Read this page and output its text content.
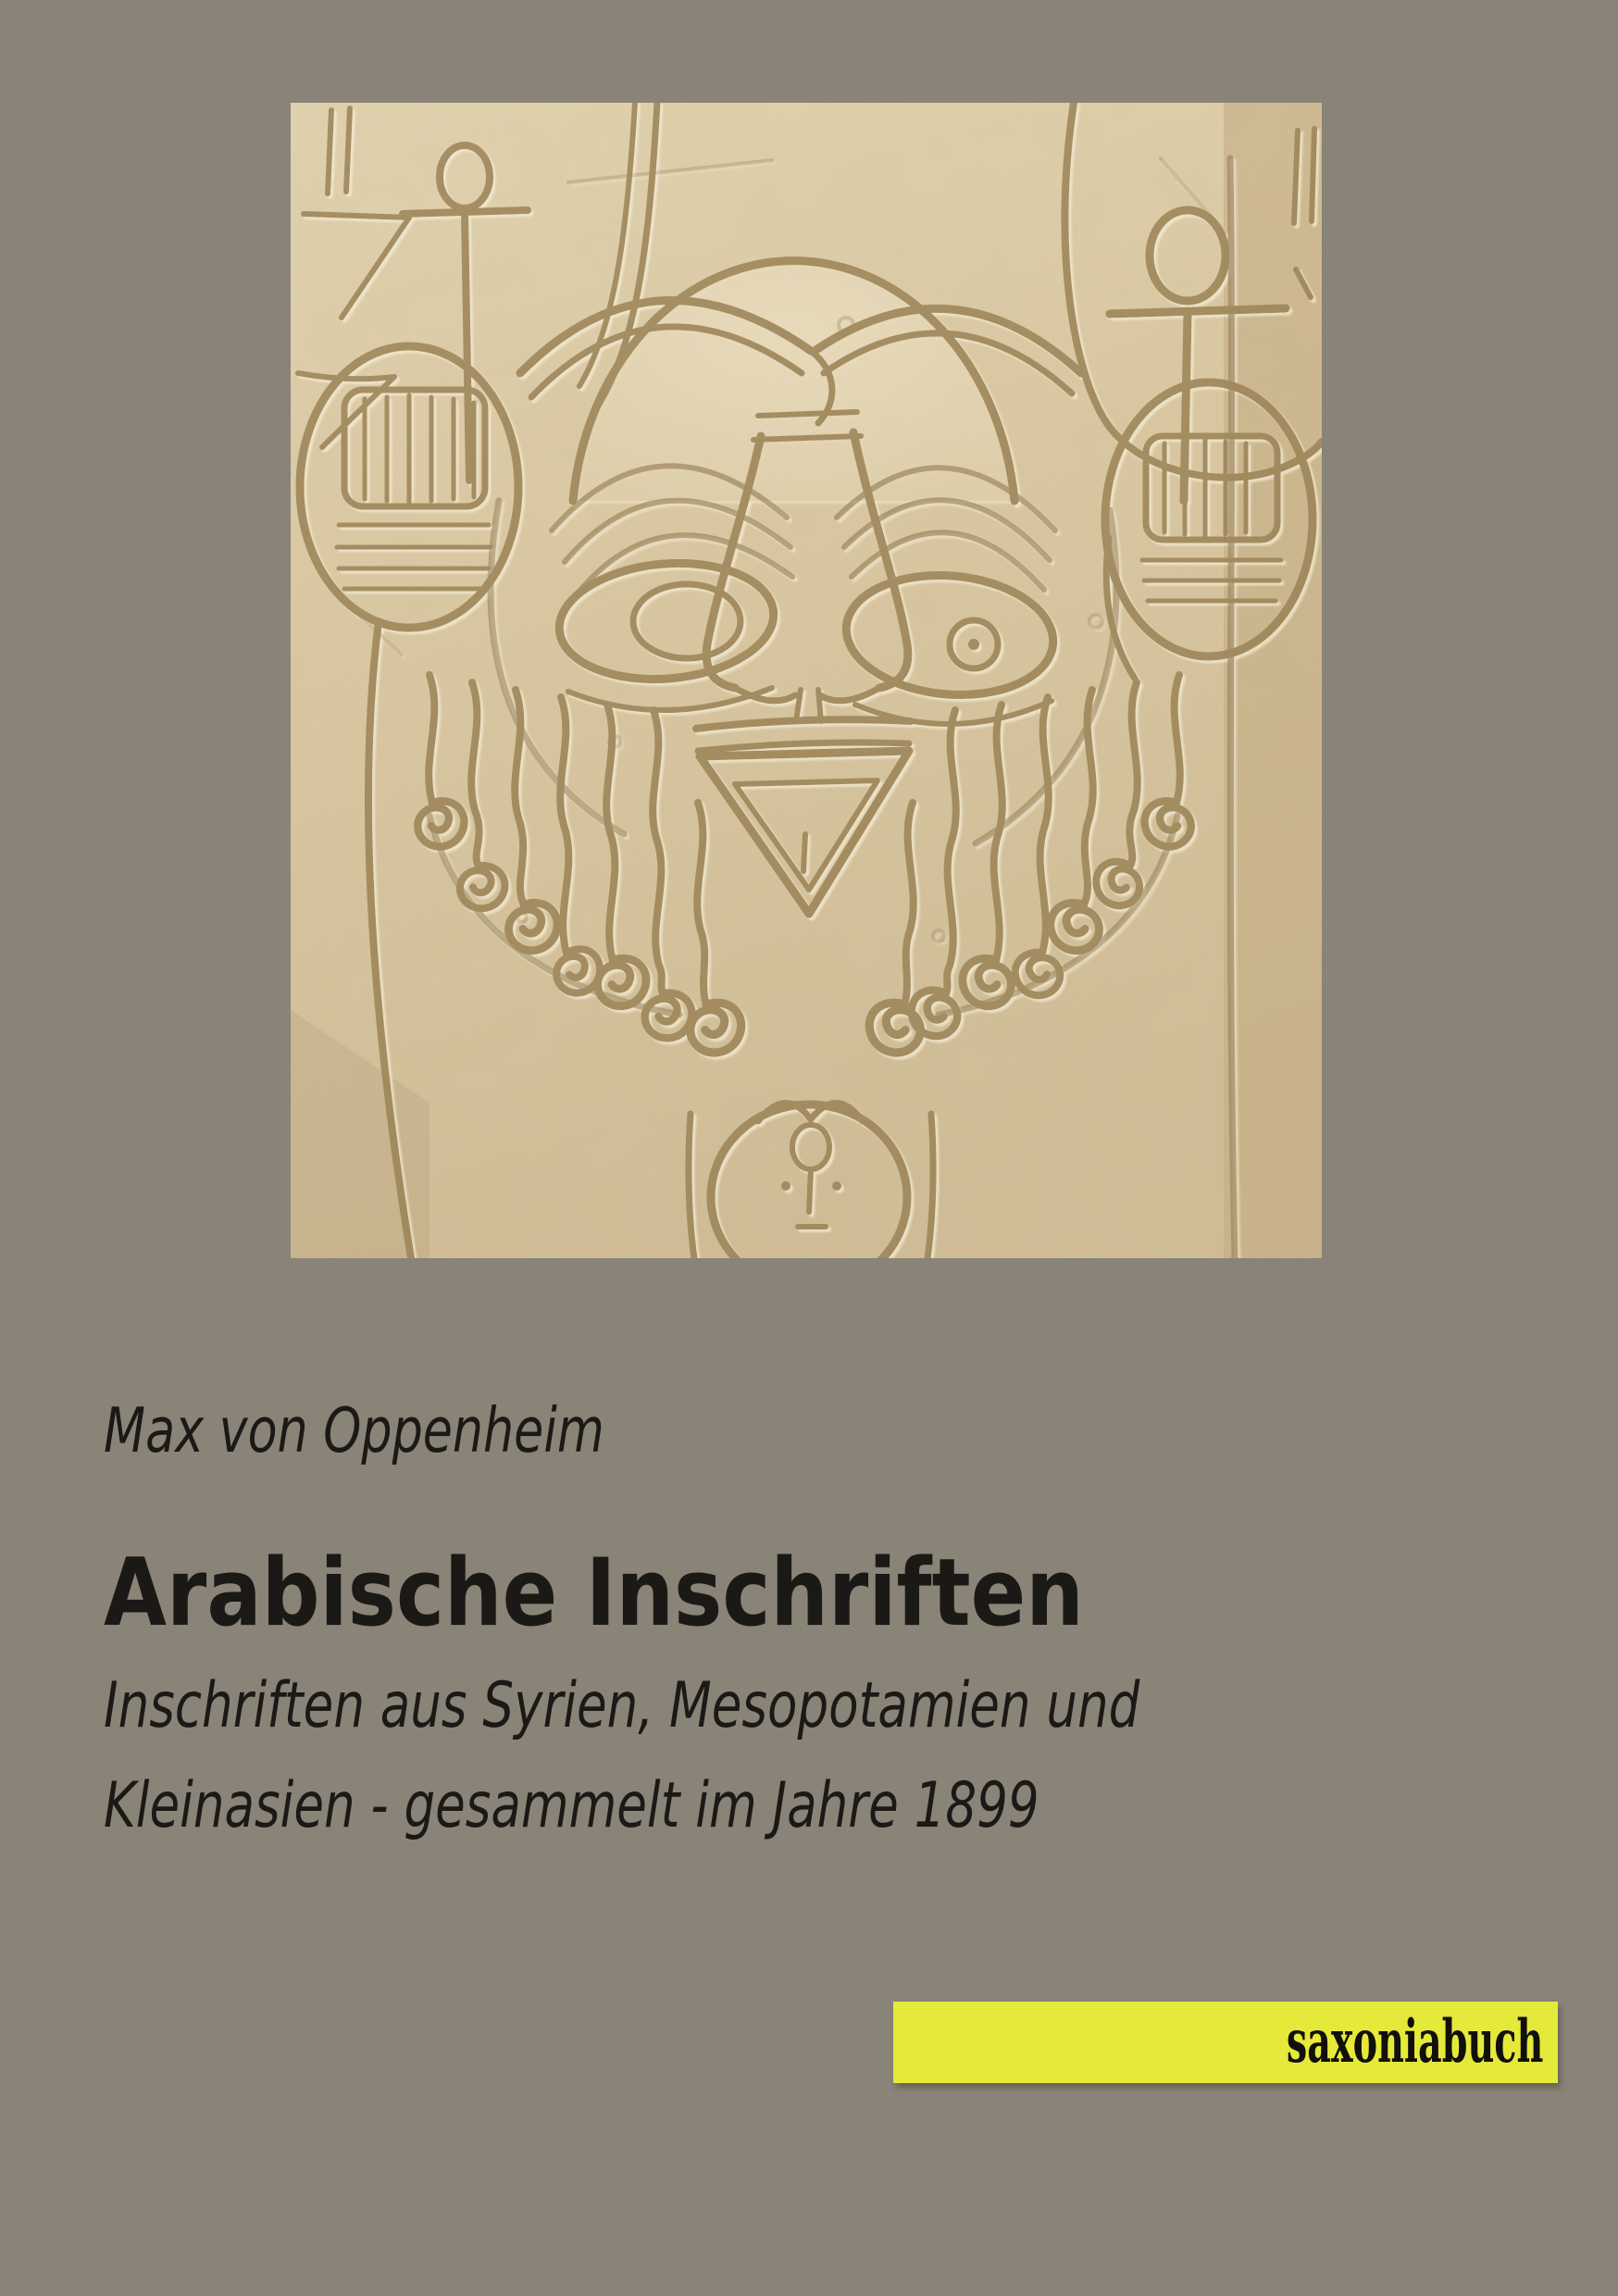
Max von Oppenheim
Arabische Inschriften
Inschriften aus Syrien, Mesopotamien und
Kleinasien - gesammelt im Jahre 1899
saxoniabuch
